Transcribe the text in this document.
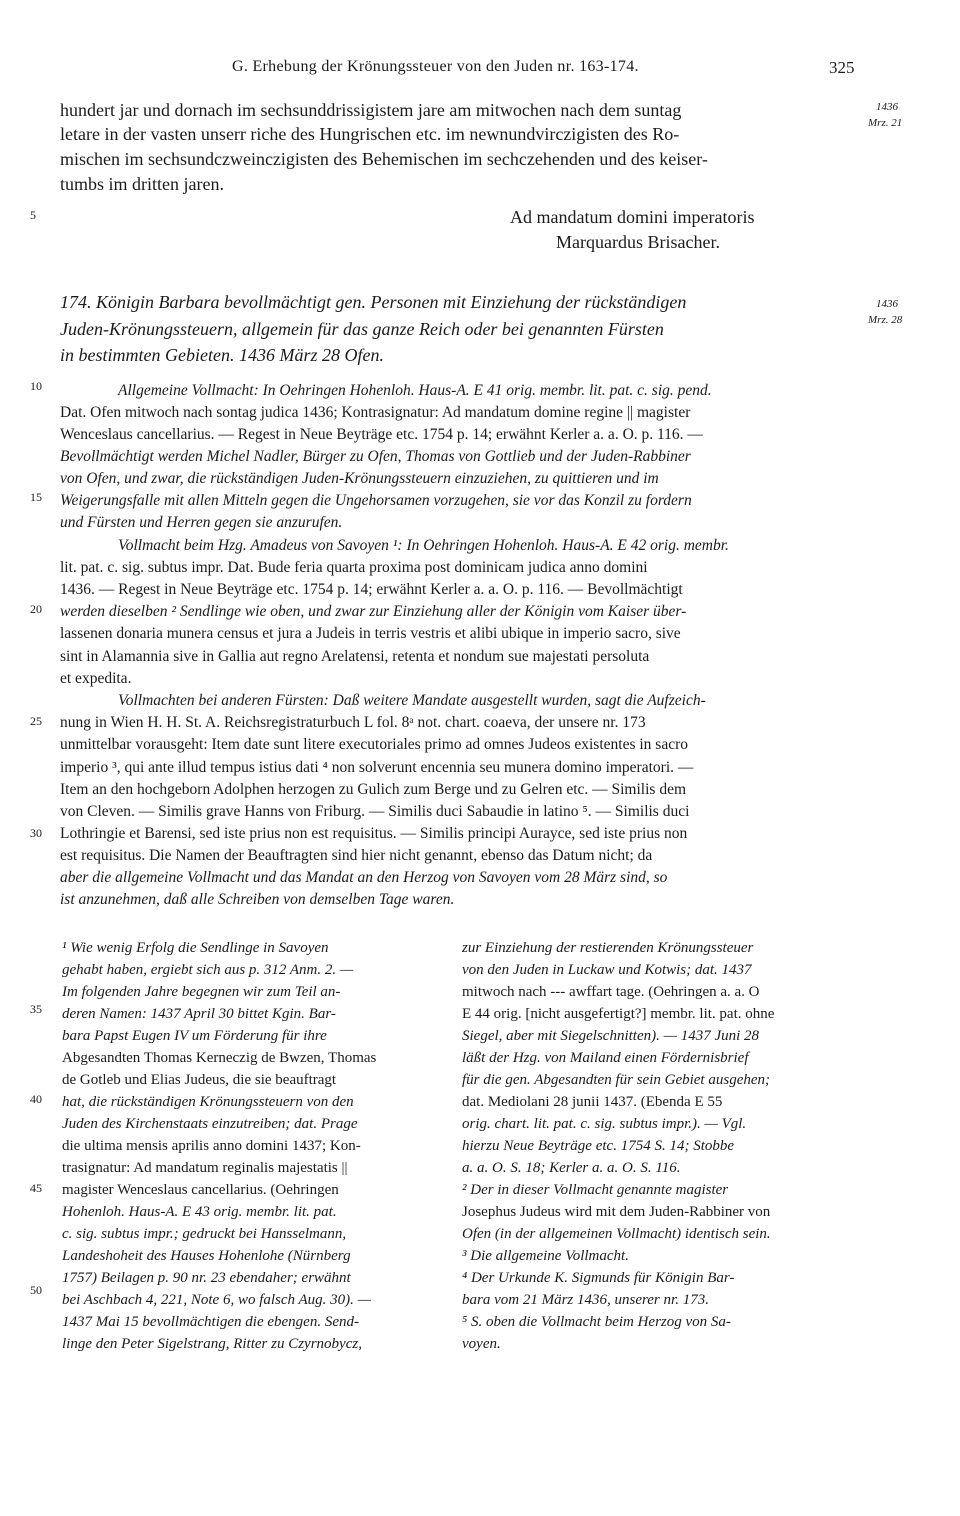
G. Erhebung der Krönungssteuer von den Juden nr. 163-174.	325
hundert jar und dornach im sechsunddrissigistem jare am mitwochen nach dem suntag
letare in der vasten unserr riche des Hungrischen etc. im newnundvirczigisten des Ro-
mischen im sechsundczweinczigisten des Behemischen im sechczehenden und des keiser-
tumbs im dritten jaren.
Ad mandatum domini imperatoris
Marquardus Brisacher.
1436
Mrz. 21
1436
Mrz. 28
5
10
15
20
25
30
35
40
45
50
174. Königin Barbara bevollmächtigt gen. Personen mit Einziehung der rückständigen
Juden-Krönungssteuern, allgemein für das ganze Reich oder bei genannten Fürsten
in bestimmten Gebieten. 1436 März 28 Ofen.
Allgemeine Vollmacht: In Oehringen Hohenloh. Haus-A. E 41 orig. membr. lit. pat. c. sig. pend.
Dat. Ofen mitwoch nach sontag judica 1436; Kontrasignatur: Ad mandatum domine regine || magister
Wenceslaus cancellarius. — Regest in Neue Beyträge etc. 1754 p. 14; erwähnt Kerler a. a. O. p. 116. —
Bevollmächtigt werden Michel Nadler, Bürger zu Ofen, Thomas von Gottlieb und der Juden-Rabbiner
von Ofen, und zwar, die rückständigen Juden-Krönungssteuern einzuziehen, zu quittieren und im
Weigerungsfalle mit allen Mitteln gegen die Ungehorsamen vorzugehen, sie vor das Konzil zu fordern
und Fürsten und Herren gegen sie anzurufen.
Vollmacht beim Hzg. Amadeus von Savoyen ¹: In Oehringen Hohenloh. Haus-A. E 42 orig. membr.
lit. pat. c. sig. subtus impr. Dat. Bude feria quarta proxima post dominicam judica anno domini
1436. — Regest in Neue Beyträge etc. 1754 p. 14; erwähnt Kerler a. a. O. p. 116. — Bevollmächtigt
werden dieselben ² Sendlinge wie oben, und zwar zur Einziehung aller der Königin vom Kaiser über-
lassenen donaria munera census et jura a Judeis in terris vestris et alibi ubique in imperio sacro, sive
sint in Alamannia sive in Gallia aut regno Arelatensi, retenta et nondum sue majestati persoluta
et expedita.
Vollmachten bei anderen Fürsten: Daß weitere Mandate ausgestellt wurden, sagt die Aufzeich-
nung in Wien H. H. St. A. Reichsregistraturbuch L fol. 8ᵃ not. chart. coaeva, der unsere nr. 173
unmittelbar vorausgeht: Item date sunt litere executoriales primo ad omnes Judeos existentes in sacro
imperio ³, qui ante illud tempus istius dati ⁴ non solverunt encennia seu munera domino imperatori. —
Item an den hochgeborn Adolphen herzogen zu Gulich zum Berge und zu Gelren etc. — Similis dem
von Cleven. — Similis grave Hanns von Friburg. — Similis duci Sabaudie in latino ⁵. — Similis duci
Lothringie et Barensi, sed iste prius non est requisitus. — Similis principi Aurayce, sed iste prius non
est requisitus. Die Namen der Beauftragten sind hier nicht genannt, ebenso das Datum nicht; da
aber die allgemeine Vollmacht und das Mandat an den Herzog von Savoyen vom 28 März sind, so
ist anzunehmen, daß alle Schreiben von demselben Tage waren.
¹ Wie wenig Erfolg die Sendlinge in Savoyen
gehabt haben, ergiebt sich aus p. 312 Anm. 2. —
Im folgenden Jahre begegnen wir zum Teil an-
deren Namen: 1437 April 30 bittet Kgin. Bar-
bara Papst Eugen IV um Förderung für ihre
Abgesandten Thomas Kerneczig de Bwzen, Thomas
de Gotleb und Elias Judeus, die sie beauftragt
hat, die rückständigen Krönungssteuern von den
Juden des Kirchenstaats einzutreiben; dat. Prage
die ultima mensis aprilis anno domini 1437; Kon-
trasignatur: Ad mandatum reginalis majestatis ||
magister Wenceslaus cancellarius. (Oehringen
Hohenloh. Haus-A. E 43 orig. membr. lit. pat.
c. sig. subtus impr.; gedruckt bei Hansselmann,
Landeshoheit des Hauses Hohenlohe (Nürnberg
1757) Beilagen p. 90 nr. 23 ebendaher; erwähnt
bei Aschbach 4, 221, Note 6, wo falsch Aug. 30). —
1437 Mai 15 bevollmächtigen die ebengen. Send-
linge den Peter Sigelstrang, Ritter zu Czyrnobycz,
zur Einziehung der restierenden Krönungssteuer
von den Juden in Luckaw und Kotwis; dat. 1437
mitwoch nach --- awffart tage. (Oehringen a. a. O
E 44 orig. [nicht ausgefertigt?] membr. lit. pat. ohne
Siegel, aber mit Siegelschnitten). — 1437 Juni 28
läßt der Hzg. von Mailand einen Fördernisbrief
für die gen. Abgesandten für sein Gebiet ausgehen;
dat. Mediolani 28 junii 1437. (Ebenda E 55
orig. chart. lit. pat. c. sig. subtus impr.). — Vgl.
hierzu Neue Beyträge etc. 1754 S. 14; Stobbe
a. a. O. S. 18; Kerler a. a. O. S. 116.
² Der in dieser Vollmacht genannte magister
Josephus Judeus wird mit dem Juden-Rabbiner von
Ofen (in der allgemeinen Vollmacht) identisch sein.
³ Die allgemeine Vollmacht.
⁴ Der Urkunde K. Sigmunds für Königin Bar-
bara vom 21 März 1436, unserer nr. 173.
⁵ S. oben die Vollmacht beim Herzog von Sa-
voyen.
